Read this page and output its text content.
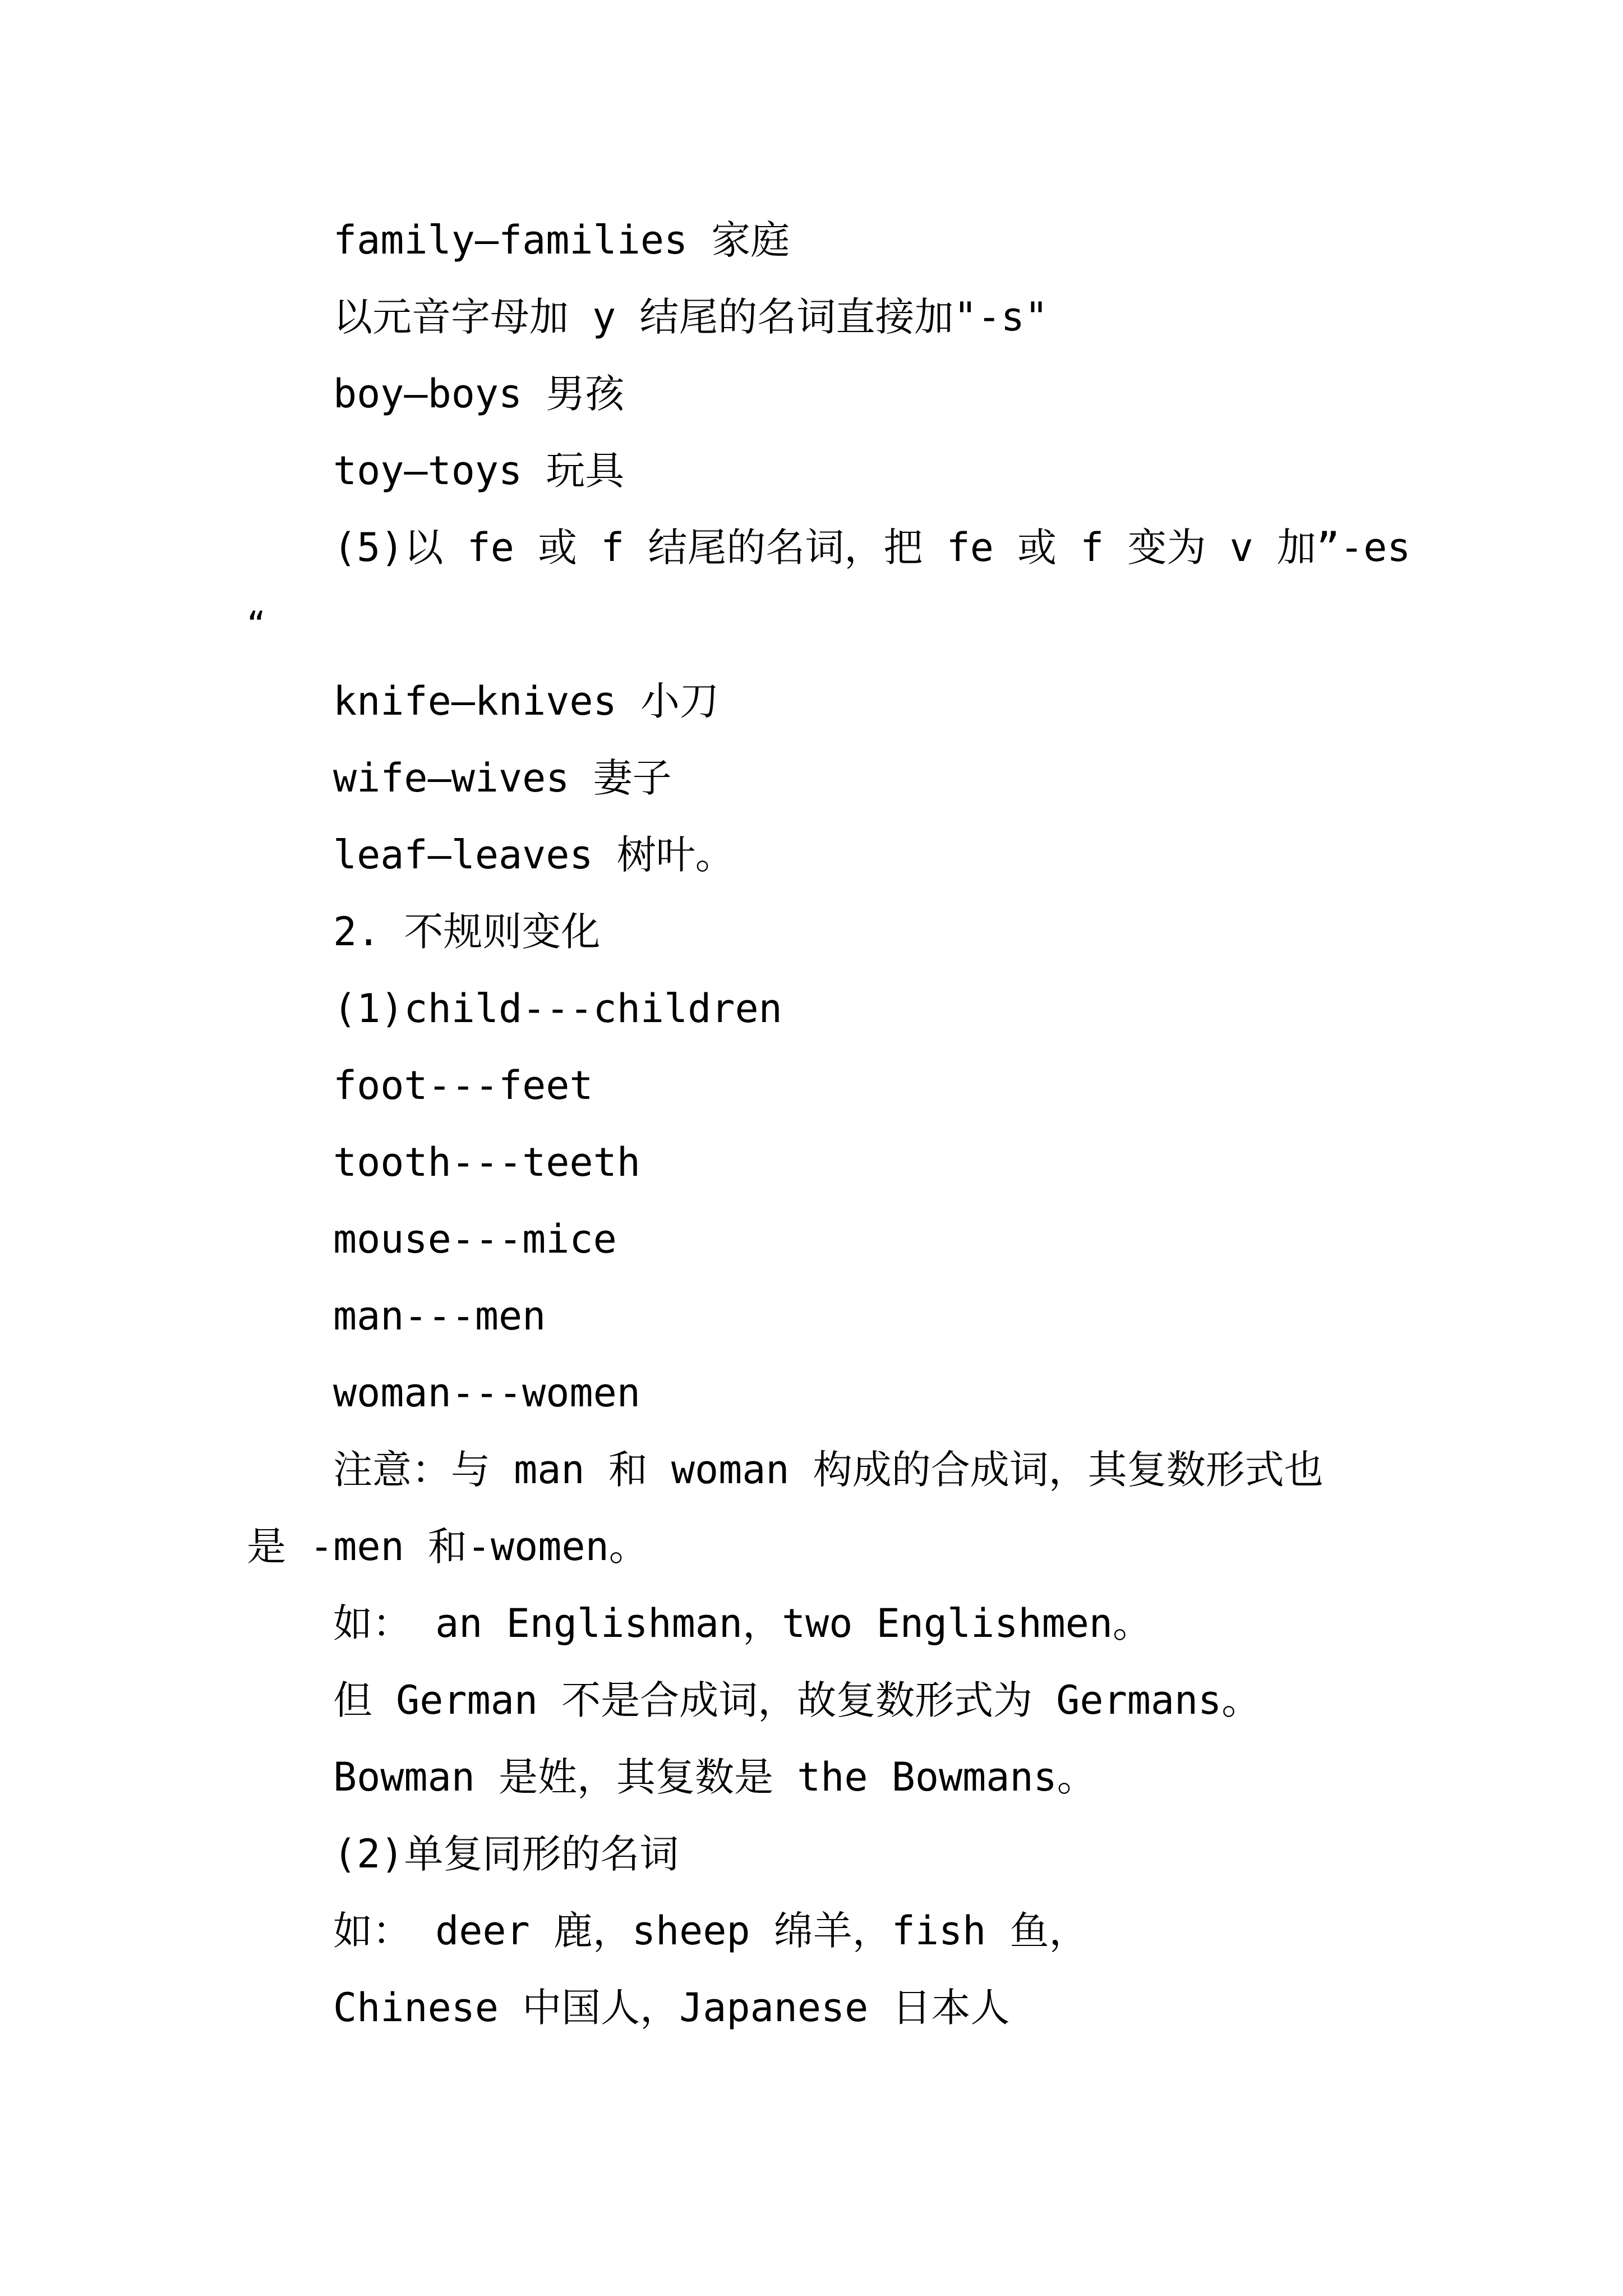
family—families 家庭
以元音字母加 y 结尾的名词直接加"-s"
boy—boys 男孩
toy—toys 玩具
(5)以 fe 或 f 结尾的名词，把 fe 或 f 变为 v 加”-es
“
knife—knives 小刀
wife—wives 妻子
leaf—leaves 树叶。
2. 不规则变化
(1)child---children
foot---feet
tooth---teeth
mouse---mice
man---men
woman---women
注意：与 man 和 woman 构成的合成词，其复数形式也
是 -men 和-women。
如： an Englishman，two Englishmen。
但 German 不是合成词，故复数形式为 Germans。
Bowman 是姓，其复数是 the Bowmans。
(2)单复同形的名词
如： deer 鹿，sheep 绵羊，fish 鱼，
Chinese 中国人，Japanese 日本人
